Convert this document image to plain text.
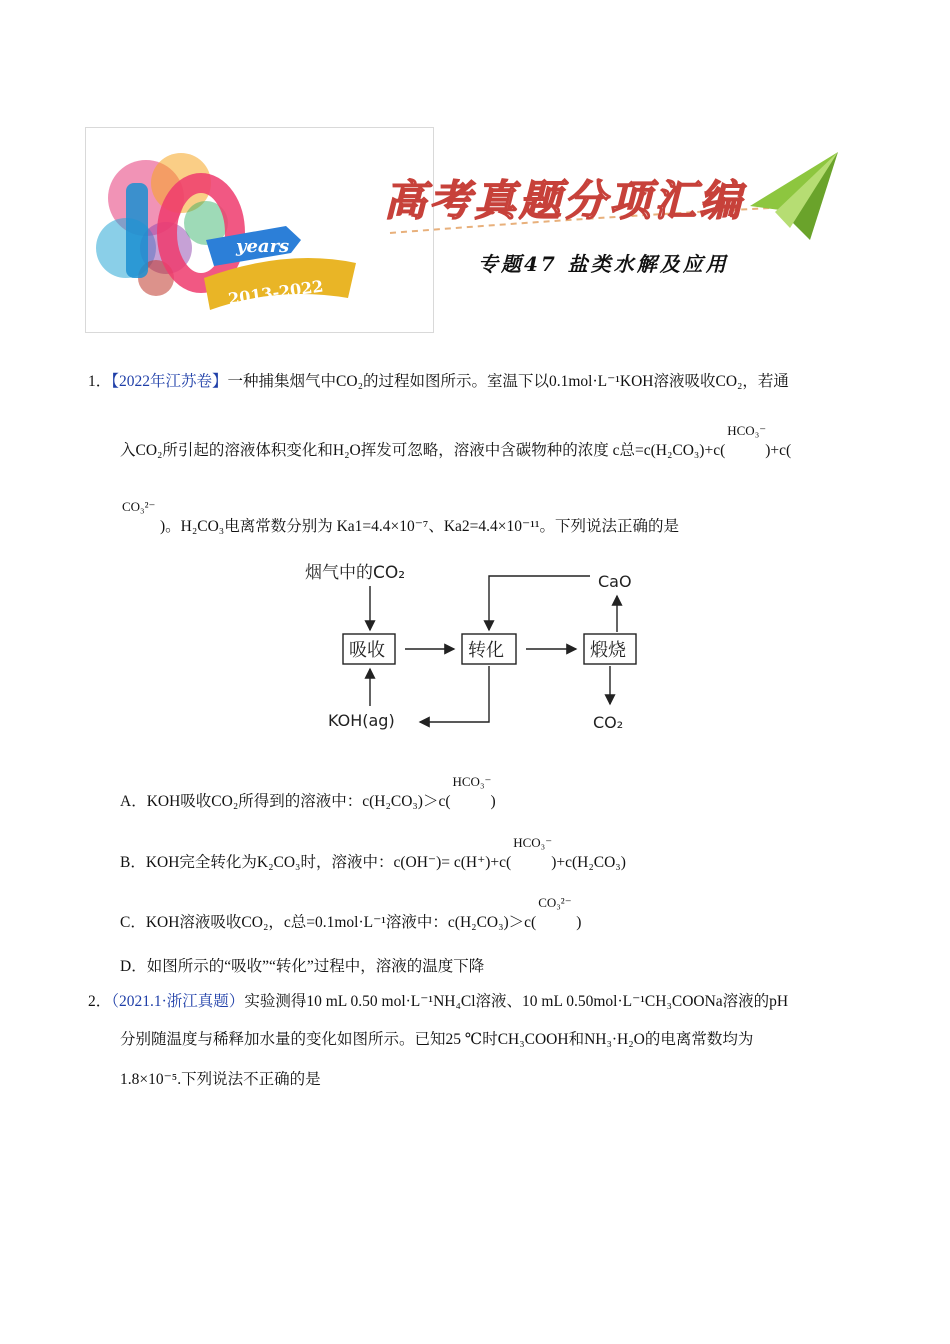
years
2013-2022
高考真题分项汇编
专题47 盐类水解及应用
1．【2022年江苏卷】一种捕集烟气中CO₂的过程如图所示。室温下以0.1mol·L⁻¹KOH溶液吸收CO₂，若通
入CO₂所引起的溶液体积变化和H₂O挥发可忽略，溶液中含碳物种的浓度 c总=c(H₂CO₃)+c(
HCO₃⁻
)+c(
CO₃²⁻
)。H₂CO₃电离常数分别为 Ka1=4.4×10⁻⁷、Ka2=4.4×10⁻¹¹。下列说法正确的是
烟气中的CO₂
吸收	转化	煅烧
CaO
CO₂
KOH(ag)
A．KOH吸收CO₂所得到的溶液中：c(H₂CO₃)＞c(
HCO₃⁻
)
B．KOH完全转化为K₂CO₃时，溶液中：c(OH⁻)= c(H⁺)+c(
HCO₃⁻
)+c(H₂CO₃)
C．KOH溶液吸收CO₂，c总=0.1mol·L⁻¹溶液中：c(H₂CO₃)＞c(
CO₃²⁻
)
D．如图所示的“吸收”“转化”过程中，溶液的温度下降
2．（2021.1·浙江真题）实验测得10 mL 0.50 mol·L⁻¹NH₄Cl溶液、10 mL 0.50mol·L⁻¹CH₃COONa溶液的pH
分别随温度与稀释加水量的变化如图所示。已知25 ℃时CH₃COOH和NH₃·H₂O的电离常数均为
1.8×10⁻⁵.下列说法不正确的是
